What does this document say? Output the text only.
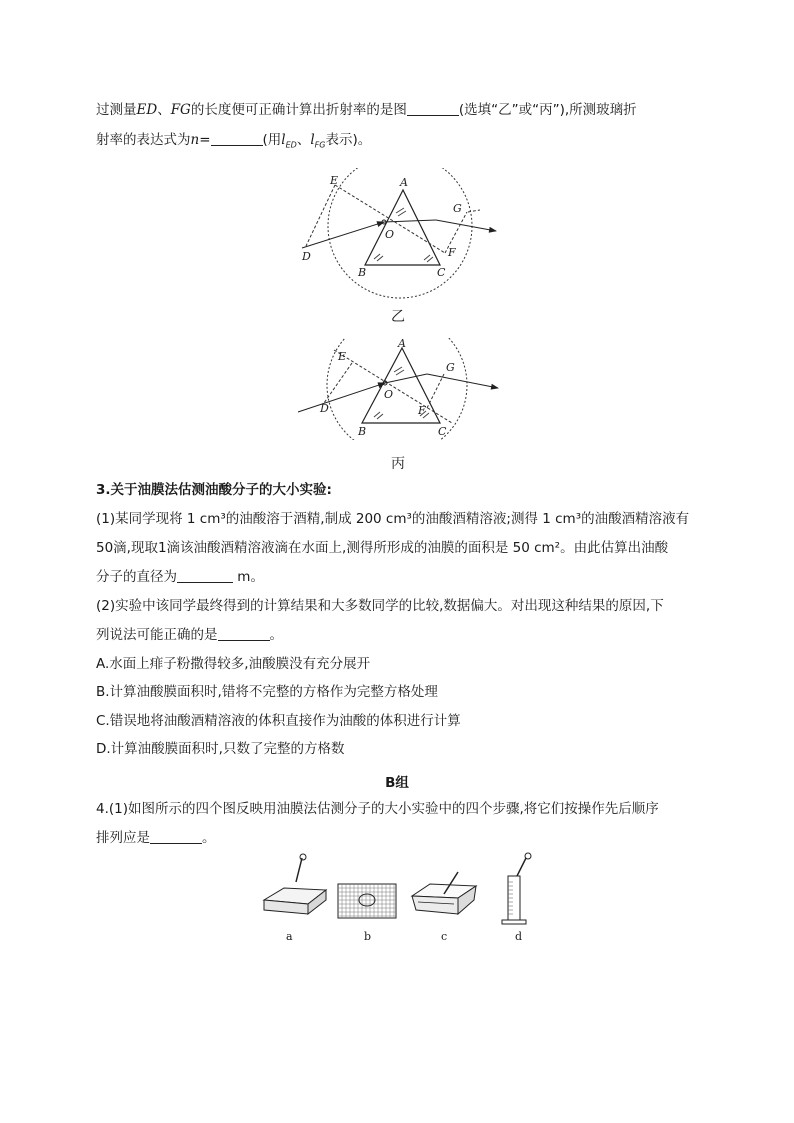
过测量ED、FG的长度便可正确计算出折射率的是图	(选填“乙”或“丙”),所测玻璃折
射率的表达式为n=	(用$l_{ED}$、$l_{FG}$表示)。
A
B	C
D
E
F
G
O
乙
A
B	C
D
E
F
G
O
丙
3.关于油膜法估测油酸分子的大小实验:
(1)某同学现将 1 cm³的油酸溶于酒精,制成 200 cm³的油酸酒精溶液;测得 1 cm³的油酸酒精溶液有
50滴,现取1滴该油酸酒精溶液滴在水面上,测得所形成的油膜的面积是 50 cm²。由此估算出油酸
分子的直径为	m。
(2)实验中该同学最终得到的计算结果和大多数同学的比较,数据偏大。对出现这种结果的原因,下
列说法可能正确的是	。
A.水面上痱子粉撒得较多,油酸膜没有充分展开
B.计算油酸膜面积时,错将不完整的方格作为完整方格处理
C.错误地将油酸酒精溶液的体积直接作为油酸的体积进行计算
D.计算油酸膜面积时,只数了完整的方格数
B组
4.(1)如图所示的四个图反映用油膜法估测分子的大小实验中的四个步骤,将它们按操作先后顺序
排列应是	。
a	b	c	d
